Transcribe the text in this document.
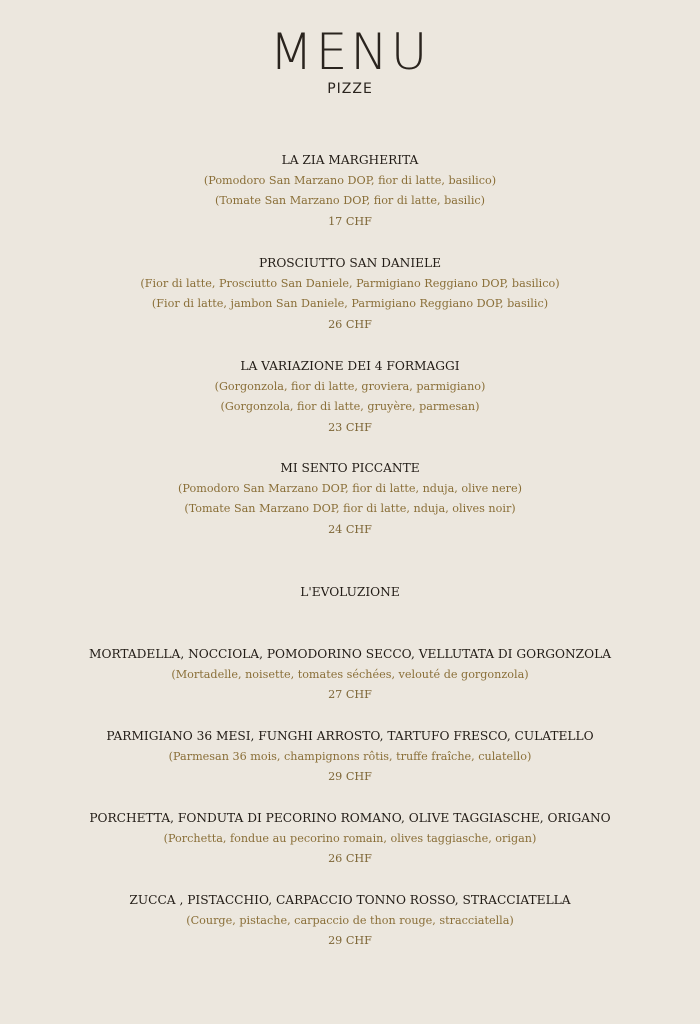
MENU
PIZZE
LA ZIA MARGHERITA
(Pomodoro San Marzano DOP, fior di latte, basilico)
(Tomate San Marzano DOP, fior di latte, basilic)
17 CHF
PROSCIUTTO SAN DANIELE
(Fior di latte, Prosciutto San Daniele, Parmigiano Reggiano DOP, basilico)
(Fior di latte, jambon San Daniele, Parmigiano Reggiano DOP, basilic)
26 CHF
LA VARIAZIONE DEI 4 FORMAGGI
(Gorgonzola, fior di latte, groviera, parmigiano)
(Gorgonzola, fior di latte, gruyère, parmesan)
23 CHF
MI SENTO PICCANTE
(Pomodoro San Marzano DOP, fior di latte, nduja, olive nere)
(Tomate San Marzano DOP, fior di latte, nduja, olives noir)
24 CHF
L'EVOLUZIONE
MORTADELLA, NOCCIOLA, POMODORINO SECCO, VELLUTATA DI GORGONZOLA
(Mortadelle, noisette, tomates séchées, velouté de gorgonzola)
27 CHF
PARMIGIANO 36 MESI, FUNGHI ARROSTO, TARTUFO FRESCO, CULATELLO
(Parmesan 36 mois, champignons rôtis, truffe fraîche, culatello)
29 CHF
PORCHETTA, FONDUTA DI PECORINO ROMANO, OLIVE TAGGIASCHE, ORIGANO
(Porchetta, fondue au pecorino romain, olives taggiasche, origan)
26 CHF
ZUCCA , PISTACCHIO, CARPACCIO TONNO ROSSO, STRACCIATELLA
(Courge, pistache, carpaccio de thon rouge, stracciatella)
29 CHF
